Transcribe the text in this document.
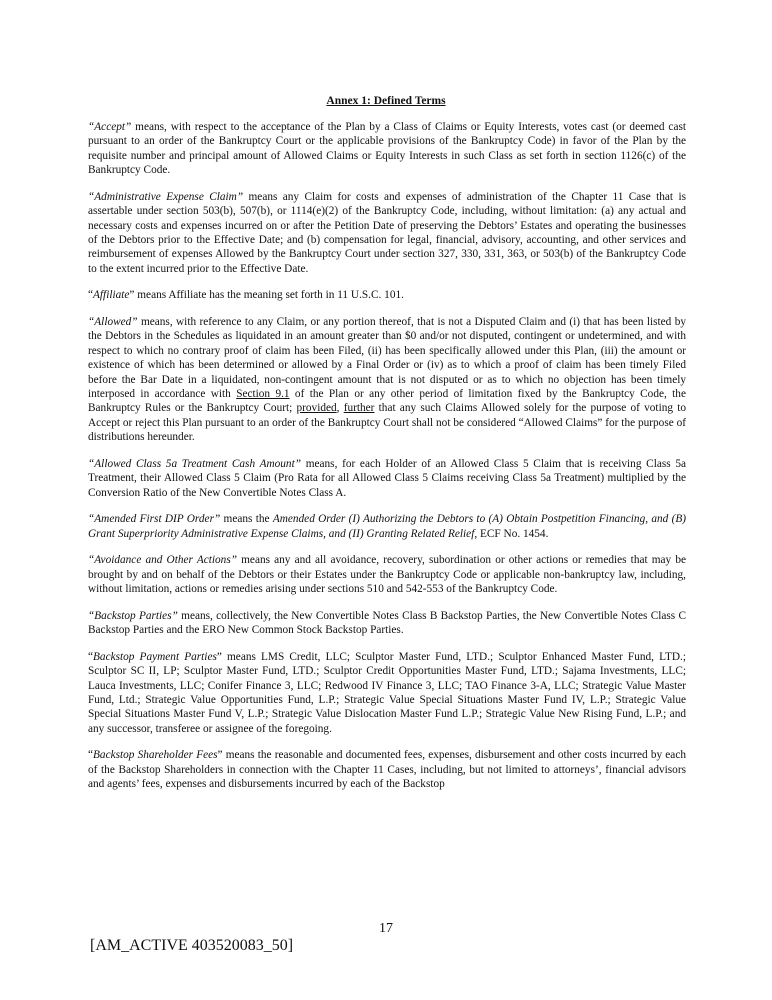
Annex 1: Defined Terms

“Accept” means, with respect to the acceptance of the Plan by a Class of Claims or Equity Interests, votes cast (or deemed cast pursuant to an order of the Bankruptcy Court or the applicable provisions of the Bankruptcy Code) in favor of the Plan by the requisite number and principal amount of Allowed Claims or Equity Interests in such Class as set forth in section 1126(c) of the Bankruptcy Code.

“Administrative Expense Claim” means any Claim for costs and expenses of administration of the Chapter 11 Case that is assertable under section 503(b), 507(b), or 1114(e)(2) of the Bankruptcy Code, including, without limitation: (a) any actual and necessary costs and expenses incurred on or after the Petition Date of preserving the Debtors’ Estates and operating the businesses of the Debtors prior to the Effective Date; and (b) compensation for legal, financial, advisory, accounting, and other services and reimbursement of expenses Allowed by the Bankruptcy Court under section 327, 330, 331, 363, or 503(b) of the Bankruptcy Code to the extent incurred prior to the Effective Date.

“Affiliate” means Affiliate has the meaning set forth in 11 U.S.C. 101.

“Allowed” means, with reference to any Claim, or any portion thereof, that is not a Disputed Claim and (i) that has been listed by the Debtors in the Schedules as liquidated in an amount greater than $0 and/or not disputed, contingent or undetermined, and with respect to which no contrary proof of claim has been Filed, (ii) has been specifically allowed under this Plan, (iii) the amount or existence of which has been determined or allowed by a Final Order or (iv) as to which a proof of claim has been timely Filed before the Bar Date in a liquidated, non-contingent amount that is not disputed or as to which no objection has been timely interposed in accordance with Section 9.1 of the Plan or any other period of limitation fixed by the Bankruptcy Code, the Bankruptcy Rules or the Bankruptcy Court; provided, further that any such Claims Allowed solely for the purpose of voting to Accept or reject this Plan pursuant to an order of the Bankruptcy Court shall not be considered “Allowed Claims” for the purpose of distributions hereunder.

“Allowed Class 5a Treatment Cash Amount” means, for each Holder of an Allowed Class 5 Claim that is receiving Class 5a Treatment, their Allowed Class 5 Claim (Pro Rata for all Allowed Class 5 Claims receiving Class 5a Treatment) multiplied by the Conversion Ratio of the New Convertible Notes Class A.

“Amended First DIP Order” means the Amended Order (I) Authorizing the Debtors to (A) Obtain Postpetition Financing, and (B) Grant Superpriority Administrative Expense Claims, and (II) Granting Related Relief, ECF No. 1454.

“Avoidance and Other Actions” means any and all avoidance, recovery, subordination or other actions or remedies that may be brought by and on behalf of the Debtors or their Estates under the Bankruptcy Code or applicable non-bankruptcy law, including, without limitation, actions or remedies arising under sections 510 and 542-553 of the Bankruptcy Code.

“Backstop Parties” means, collectively, the New Convertible Notes Class B Backstop Parties, the New Convertible Notes Class C Backstop Parties and the ERO New Common Stock Backstop Parties.

“Backstop Payment Parties” means LMS Credit, LLC; Sculptor Master Fund, LTD.; Sculptor Enhanced Master Fund, LTD.; Sculptor SC II, LP; Sculptor Master Fund, LTD.; Sculptor Credit Opportunities Master Fund, LTD.; Sajama Investments, LLC; Lauca Investments, LLC; Conifer Finance 3, LLC; Redwood IV Finance 3, LLC; TAO Finance 3-A, LLC; Strategic Value Master Fund, Ltd.; Strategic Value Opportunities Fund, L.P.; Strategic Value Special Situations Master Fund IV, L.P.; Strategic Value Special Situations Master Fund V, L.P.; Strategic Value Dislocation Master Fund L.P.; Strategic Value New Rising Fund, L.P.; and any successor, transferee or assignee of the foregoing.

“Backstop Shareholder Fees” means the reasonable and documented fees, expenses, disbursement and other costs incurred by each of the Backstop Shareholders in connection with the Chapter 11 Cases, including, but not limited to attorneys’, financial advisors and agents’ fees, expenses and disbursements incurred by each of the Backstop

17
[AM_ACTIVE 403520083_50]
